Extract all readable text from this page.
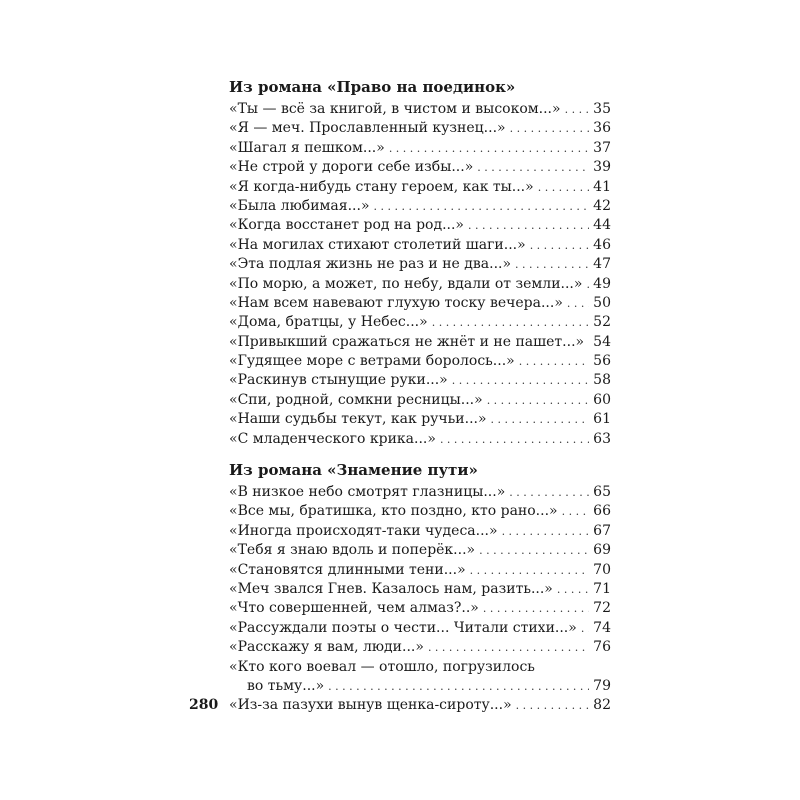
Из романа «Право на поединок»
«Ты — всё за книгой, в чистом и высоком...» . . . 35
«Я — меч. Прославленный кузнец...» . . .	36
«Шагал я пешком...» . . .	37
«Не строй у дороги себе избы...» . . .	39
«Я когда-нибудь стану героем, как ты...» . . .	41
«Была любимая...» . . .	42
«Когда восстанет род на род...» . . .	44
«На могилах стихают столетий шаги...» . . .	46
«Эта подлая жизнь не раз и не два...» . . .	47
«По морю, а может, по небу, вдали от земли...» . . . 49
«Нам всем навевают глухую тоску вечера...» . . . 50
«Дома, братцы, у Небес...» . . .	52
«Привыкший сражаться не жнёт и не пашет...» . . . 54
«Гудящее море с ветрами боролось...» . . .	56
«Раскинув стынущие руки...» . . .	58
«Спи, родной, сомкни ресницы...» . . .	60
«Наши судьбы текут, как ручьи...» . . .	61
«С младенческого крика...» . . .	63
Из романа «Знамение пути»
«В низкое небо смотрят глазницы...» . . .	65
«Все мы, братишка, кто поздно, кто рано...» . . .	66
«Иногда происходят-таки чудеса...» . . .	67
«Тебя я знаю вдоль и поперёк...» . . .	69
«Становятся длинными тени...» . . .	70
«Меч звался Гнев. Казалось нам, разить...» . . .	71
«Что совершенней, чем алмаз?..» . . .	72
«Рассуждали поэты о чести... Читали стихи...» . . . 74
«Расскажу я вам, люди...» . . .	76
«Кто кого воевал — отошло, погрузилось
во тьму...» . . .	79
«Из-за пазухи вынув щенка-сироту...» . . .	82
280
